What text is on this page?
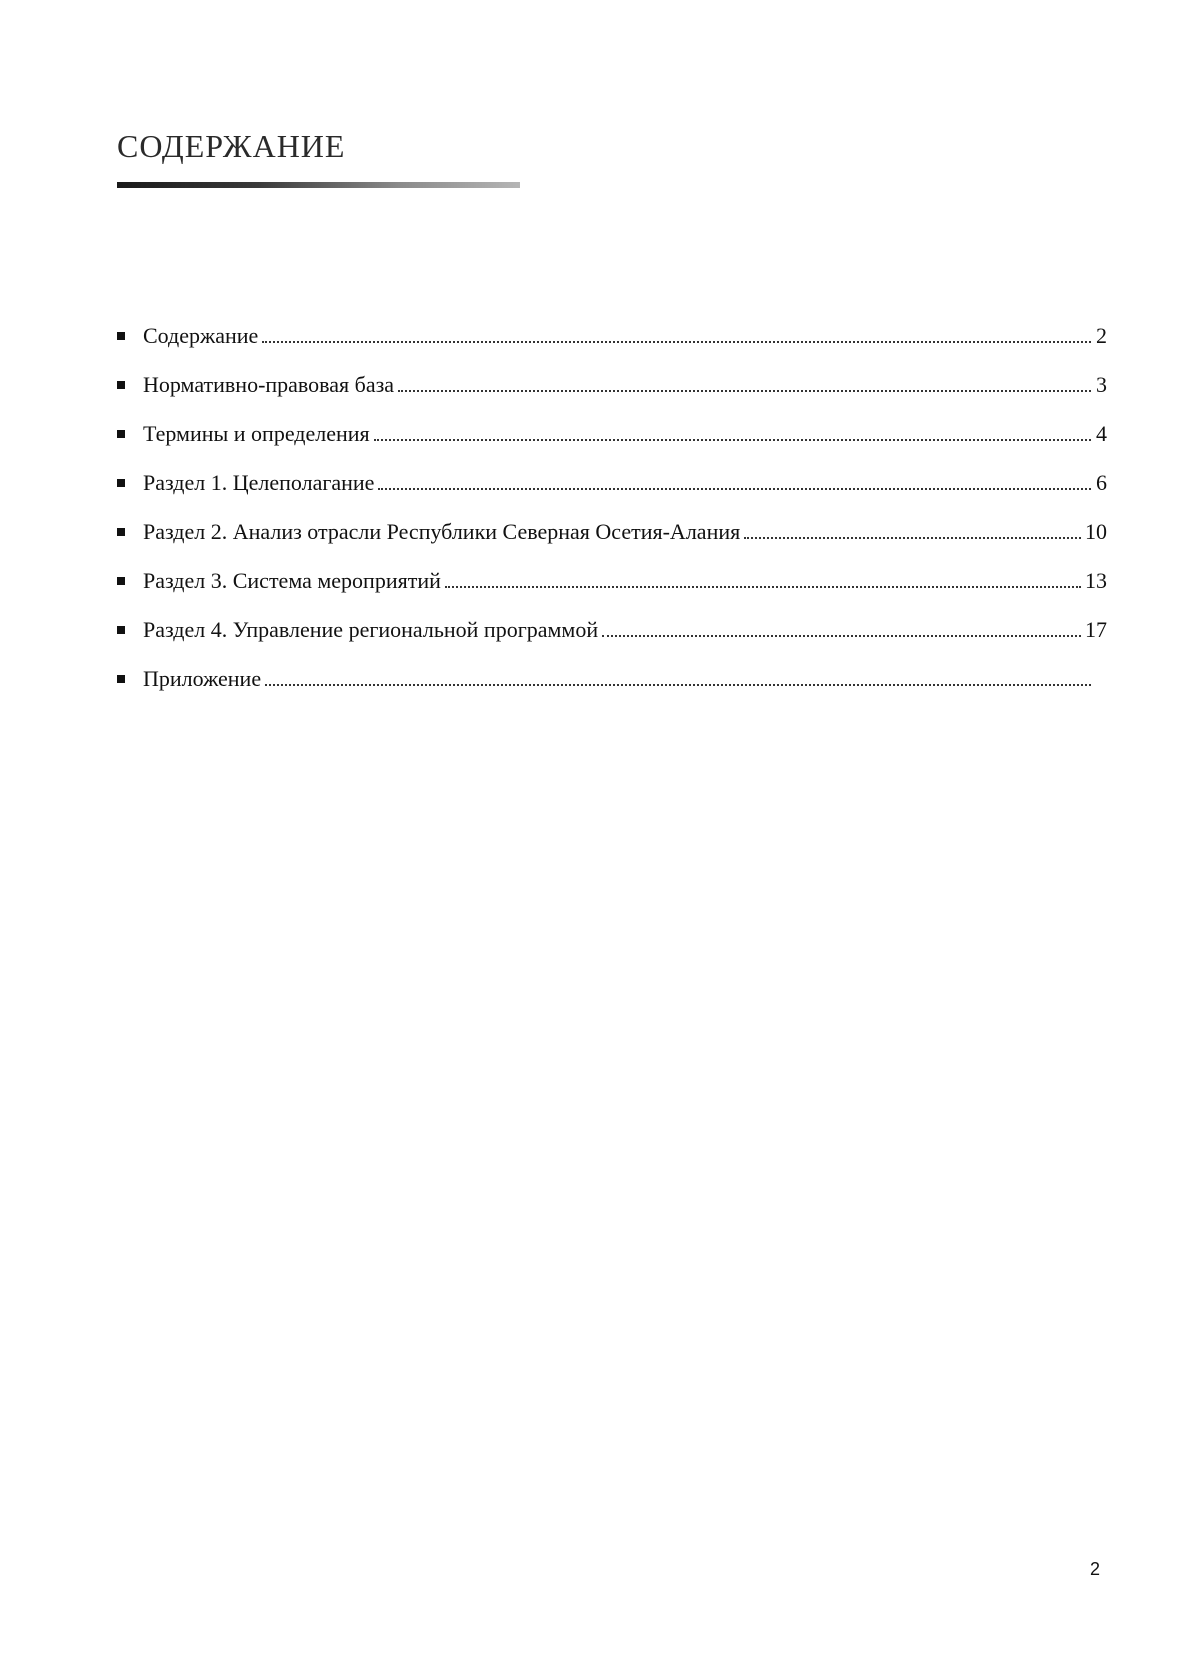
СОДЕРЖАНИЕ
Содержание	2
Нормативно-правовая база	3
Термины и определения	4
Раздел 1. Целеполагание	6
Раздел 2. Анализ отрасли Республики Северная Осетия-Алания	10
Раздел 3. Система мероприятий	13
Раздел 4. Управление региональной программой	17
Приложение
2
